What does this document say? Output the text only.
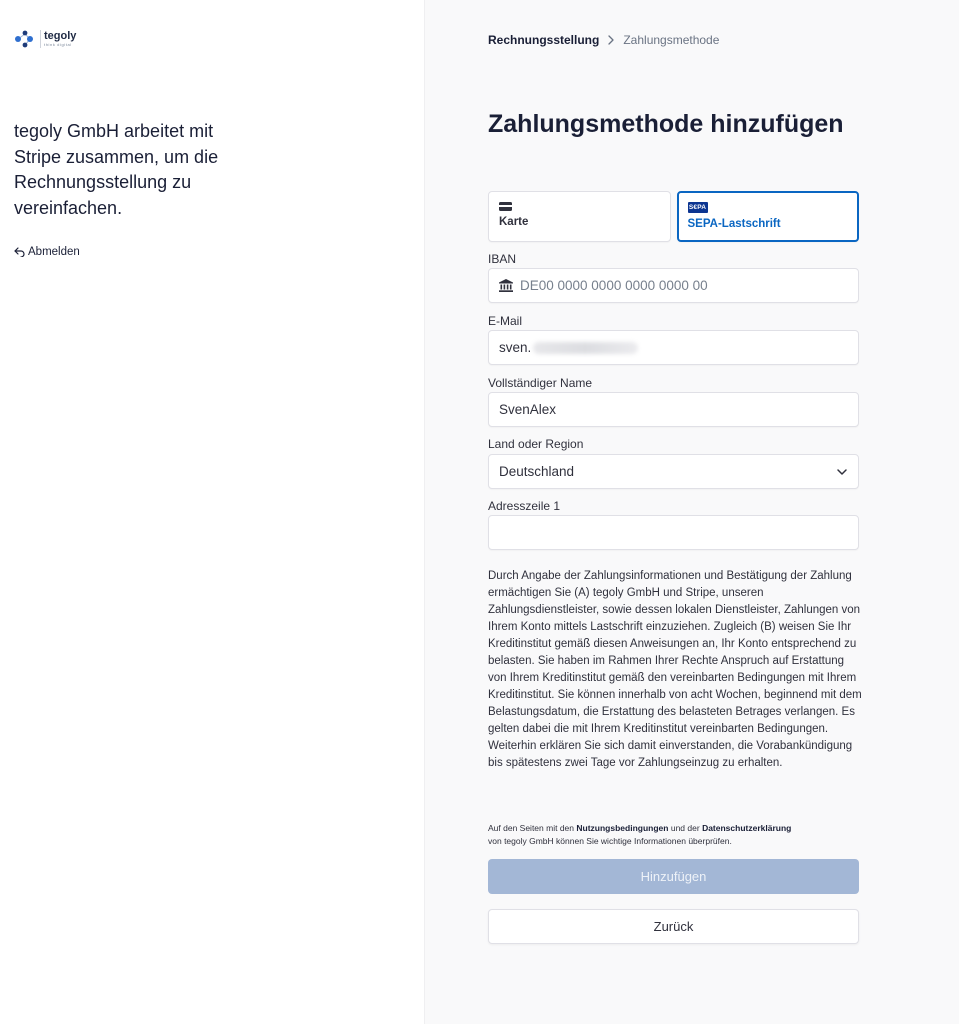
tegoly
think digital

tegoly GmbH arbeitet mit Stripe zusammen, um die Rechnungsstellung zu vereinfachen.

Abmelden
Rechnungsstellung Zahlungsmethode
Zahlungsmethode hinzufügen
Karte
S€PA
SEPA-Lastschrift
IBAN
DE00 0000 0000 0000 0000 00
E-Mail
sven.
Vollständiger Name
SvenAlex
Land oder Region
Deutschland
Adresszeile 1

Durch Angabe der Zahlungsinformationen und Bestätigung der Zahlung ermächtigen Sie (A) tegoly GmbH und Stripe, unseren Zahlungsdienstleister, sowie dessen lokalen Dienstleister, Zahlungen von Ihrem Konto mittels Lastschrift einzuziehen. Zugleich (B) weisen Sie Ihr Kreditinstitut gemäß diesen Anweisungen an, Ihr Konto entsprechend zu belasten. Sie haben im Rahmen Ihrer Rechte Anspruch auf Erstattung von Ihrem Kreditinstitut gemäß den vereinbarten Bedingungen mit Ihrem Kreditinstitut. Sie können innerhalb von acht Wochen, beginnend mit dem Belastungsdatum, die Erstattung des belasteten Betrages verlangen. Es gelten dabei die mit Ihrem Kreditinstitut vereinbarten Bedingungen. Weiterhin erklären Sie sich damit einverstanden, die Vorabankündigung bis spätestens zwei Tage vor Zahlungseinzug zu erhalten.

Auf den Seiten mit den Nutzungsbedingungen und der Datenschutzerklärung
von tegoly GmbH können Sie wichtige Informationen überprüfen.

Hinzufügen
Zurück
